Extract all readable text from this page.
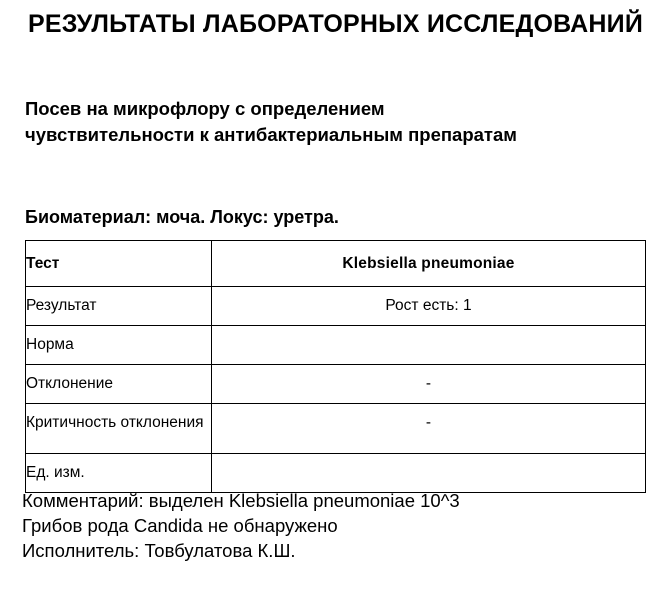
РЕЗУЛЬТАТЫ ЛАБОРАТОРНЫХ ИССЛЕДОВАНИЙ
Посев на микрофлору с определением чувствительности к антибактериальным препаратам
Биоматериал: моча. Локус: уретра.
Тест	Klebsiella pneumoniae
Результат	Рост есть: 1
Норма	
Отклонение	-
Критичность отклонения	-
Ед. изм.	
Комментарий: выделен Klebsiella pneumoniae 10^3
Грибов рода Candida не обнаружено
Исполнитель: Товбулатова К.Ш.
